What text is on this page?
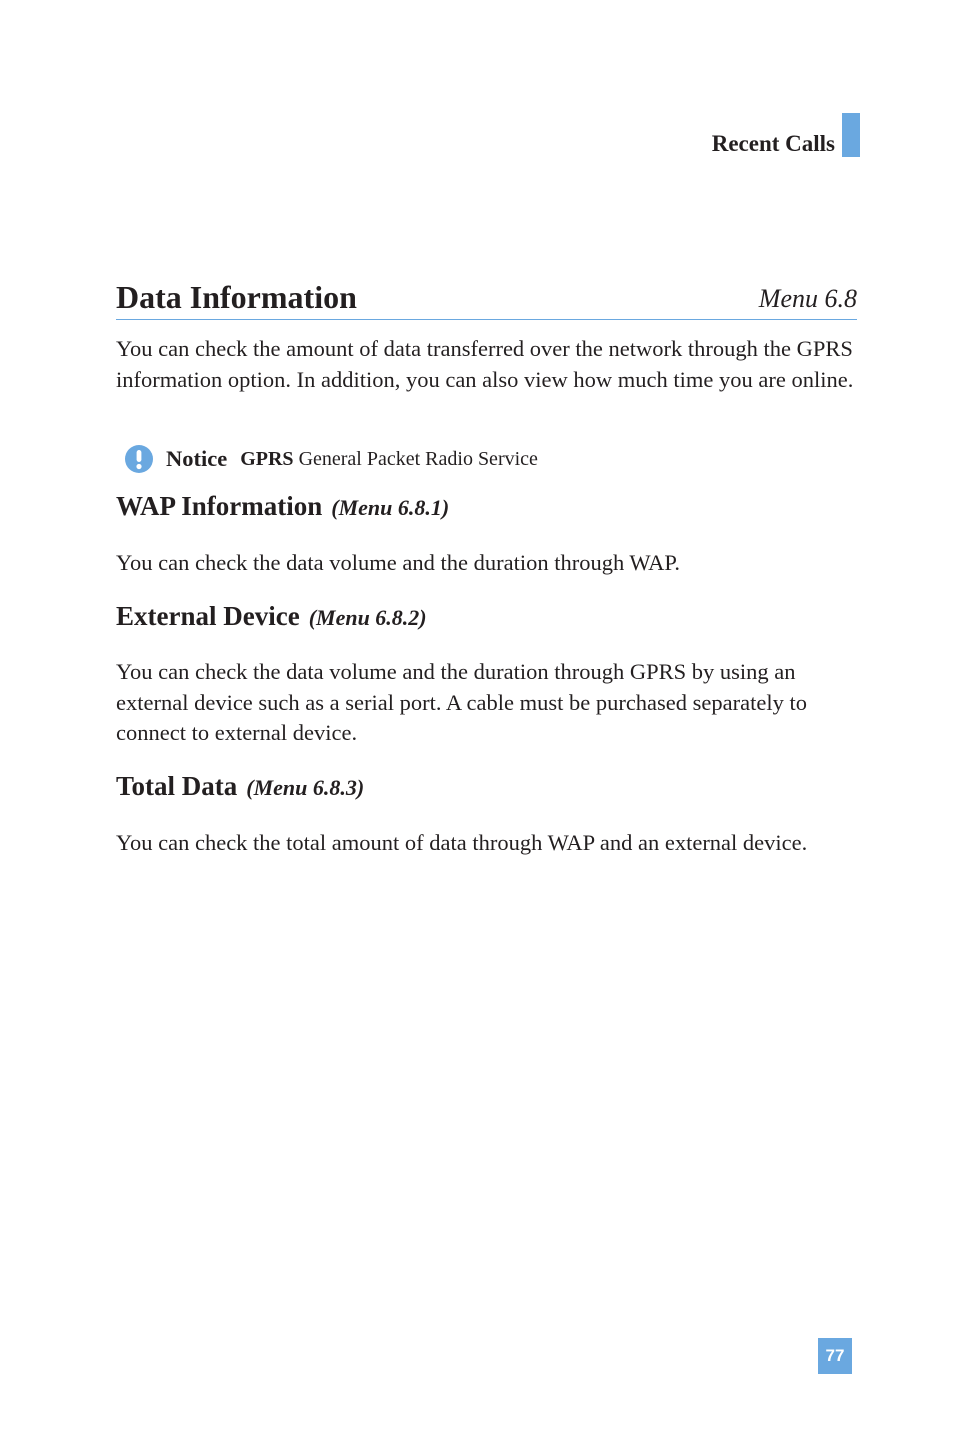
Recent Calls
Data Information	Menu 6.8

You can check the amount of data transferred over the network through the GPRS information option. In addition, you can also view how much time you are online.

Notice GPRS General Packet Radio Service
WAP Information (Menu 6.8.1)

You can check the data volume and the duration through WAP.

External Device (Menu 6.8.2)

You can check the data volume and the duration through GPRS by using an external device such as a serial port. A cable must be purchased separately to connect to external device.

Total Data (Menu 6.8.3)

You can check the total amount of data through WAP and an external device.

77
